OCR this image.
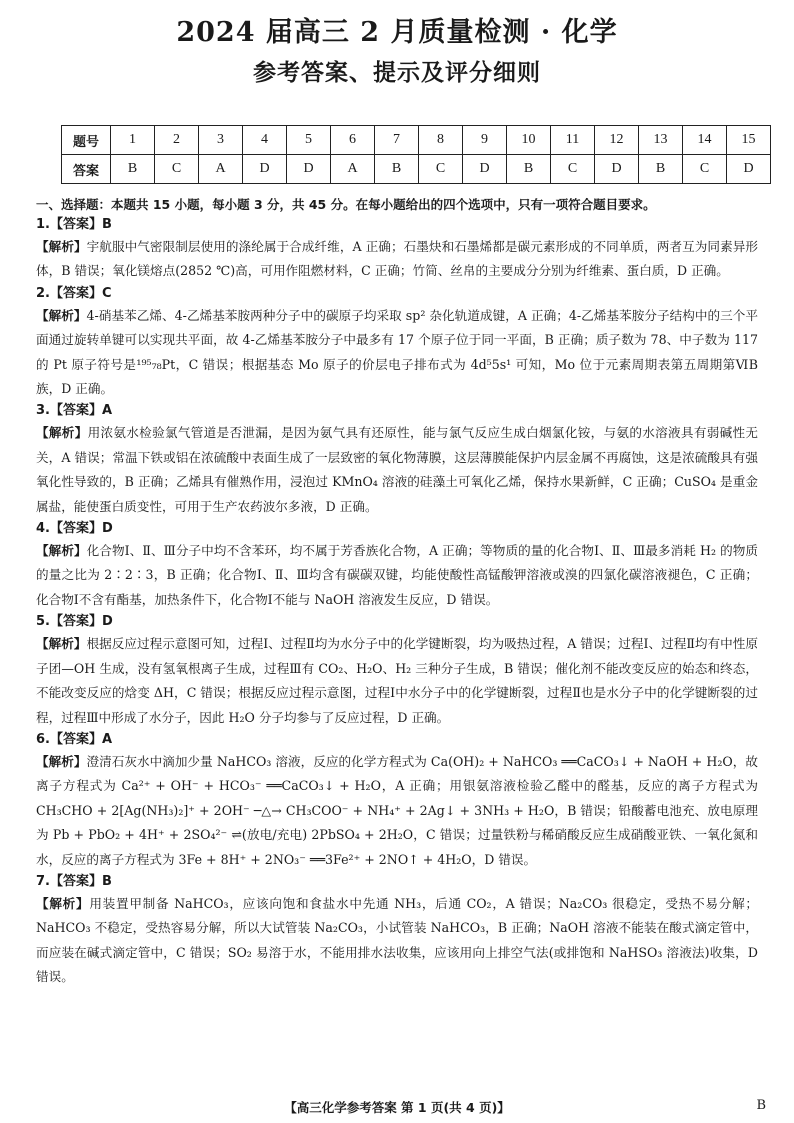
2024 届高三 2 月质量检测 · 化学
参考答案、提示及评分细则
题号	1	2	3	4	5	6	7	8	9	10	11	12	13	14	15
答案	B	C	A	D	D	A	B	C	D	B	C	D	B	C	D
一、选择题：本题共 15 小题，每小题 3 分，共 45 分。在每小题给出的四个选项中，只有一项符合题目要求。
1.【答案】B
【解析】宇航服中气密限制层使用的涤纶属于合成纤维，A 正确；石墨炔和石墨烯都是碳元素形成的不同单质，两者互为同素异形体，B 错误；氧化镁熔点(2852 ℃)高，可用作阻燃材料，C 正确；竹简、丝帛的主要成分分别为纤维素、蛋白质，D 正确。
2.【答案】C
【解析】4-硝基苯乙烯、4-乙烯基苯胺两种分子中的碳原子均采取 sp² 杂化轨道成键，A 正确；4-乙烯基苯胺分子结构中的三个平面通过旋转单键可以实现共平面，故 4-乙烯基苯胺分子中最多有 17 个原子位于同一平面，B 正确；质子数为 78、中子数为 117 的 Pt 原子符号是¹⁹⁵₇₈Pt，C 错误；根据基态 Mo 原子的价层电子排布式为 4d⁵5s¹ 可知，Mo 位于元素周期表第五周期第ⅥB 族，D 正确。
3.【答案】A
【解析】用浓氨水检验氯气管道是否泄漏，是因为氨气具有还原性，能与氯气反应生成白烟氯化铵，与氨的水溶液具有弱碱性无关，A 错误；常温下铁或铝在浓硫酸中表面生成了一层致密的氧化物薄膜，这层薄膜能保护内层金属不再腐蚀，这是浓硫酸具有强氧化性导致的，B 正确；乙烯具有催熟作用，浸泡过 KMnO₄ 溶液的硅藻土可氧化乙烯，保持水果新鲜，C 正确；CuSO₄ 是重金属盐，能使蛋白质变性，可用于生产农药波尔多液，D 正确。
4.【答案】D
【解析】化合物Ⅰ、Ⅱ、Ⅲ分子中均不含苯环，均不属于芳香族化合物，A 正确；等物质的量的化合物Ⅰ、Ⅱ、Ⅲ最多消耗 H₂ 的物质的量之比为 2∶2∶3，B 正确；化合物Ⅰ、Ⅱ、Ⅲ均含有碳碳双键，均能使酸性高锰酸钾溶液或溴的四氯化碳溶液褪色，C 正确；化合物Ⅰ不含有酯基，加热条件下，化合物Ⅰ不能与 NaOH 溶液发生反应，D 错误。
5.【答案】D
【解析】根据反应过程示意图可知，过程Ⅰ、过程Ⅱ均为水分子中的化学键断裂，均为吸热过程，A 错误；过程Ⅰ、过程Ⅱ均有中性原子团—OH 生成，没有氢氧根离子生成，过程Ⅲ有 CO₂、H₂O、H₂ 三种分子生成，B 错误；催化剂不能改变反应的始态和终态，不能改变反应的焓变 ΔH，C 错误；根据反应过程示意图，过程Ⅰ中水分子中的化学键断裂，过程Ⅱ也是水分子中的化学键断裂的过程，过程Ⅲ中形成了水分子，因此 H₂O 分子均参与了反应过程，D 正确。
6.【答案】A
【解析】澄清石灰水中滴加少量 NaHCO₃ 溶液，反应的化学方程式为 Ca(OH)₂ + NaHCO₃ ══CaCO₃↓ + NaOH + H₂O，故离子方程式为 Ca²⁺ + OH⁻ + HCO₃⁻ ══CaCO₃↓ + H₂O，A 正确；用银氨溶液检验乙醛中的醛基，反应的离子方程式为 CH₃CHO + 2[Ag(NH₃)₂]⁺ + 2OH⁻ ─△→ CH₃COO⁻ + NH₄⁺ + 2Ag↓ + 3NH₃ + H₂O，B 错误；铅酸蓄电池充、放电原理为 Pb + PbO₂ + 4H⁺ + 2SO₄²⁻ ⇌(放电/充电) 2PbSO₄ + 2H₂O，C 错误；过量铁粉与稀硝酸反应生成硝酸亚铁、一氧化氮和水，反应的离子方程式为 3Fe + 8H⁺ + 2NO₃⁻ ══3Fe²⁺ + 2NO↑ + 4H₂O，D 错误。
7.【答案】B
【解析】用装置甲制备 NaHCO₃，应该向饱和食盐水中先通 NH₃，后通 CO₂，A 错误；Na₂CO₃ 很稳定，受热不易分解；NaHCO₃ 不稳定，受热容易分解，所以大试管装 Na₂CO₃，小试管装 NaHCO₃，B 正确；NaOH 溶液不能装在酸式滴定管中，而应装在碱式滴定管中，C 错误；SO₂ 易溶于水，不能用排水法收集，应该用向上排空气法(或排饱和 NaHSO₃ 溶液法)收集，D 错误。
【高三化学参考答案 第 1 页(共 4 页)】	B
